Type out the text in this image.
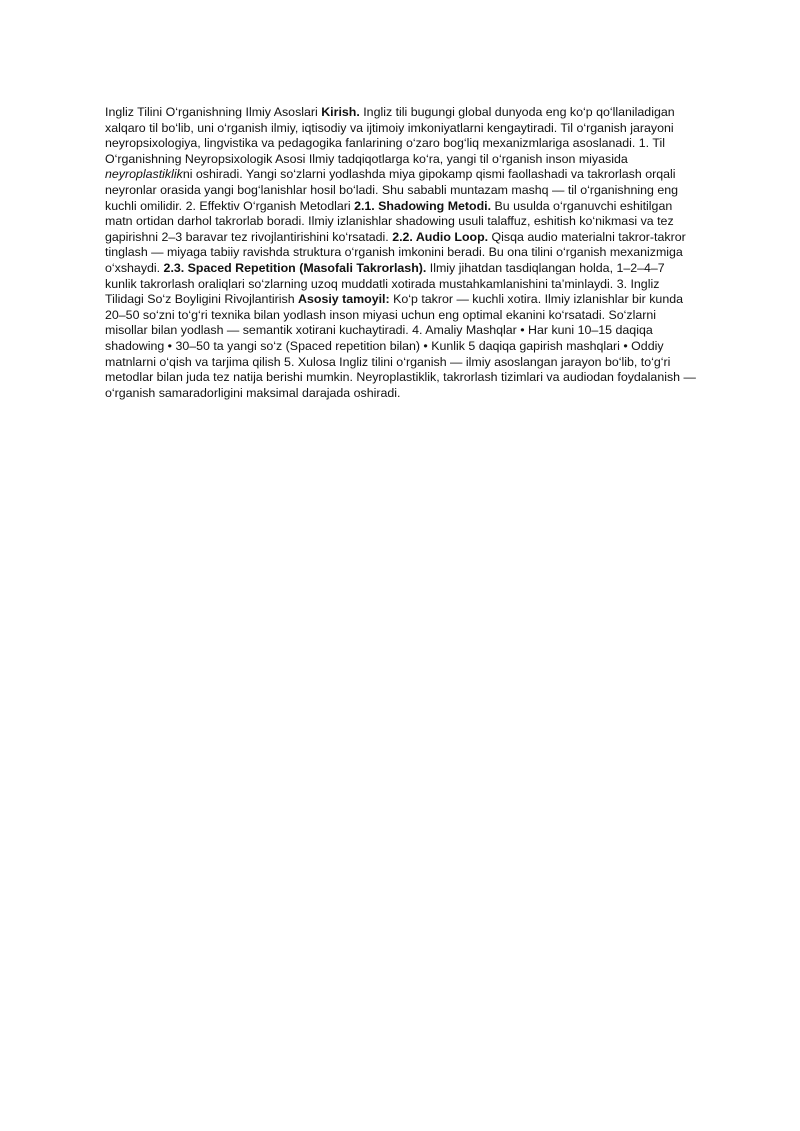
Ingliz Tilini O‘rganishning Ilmiy Asoslari Kirish. Ingliz tili bugungi global dunyoda eng ko‘p qo‘llaniladigan xalqaro til bo‘lib, uni o‘rganish ilmiy, iqtisodiy va ijtimoiy imkoniyatlarni kengaytiradi. Til o‘rganish jarayoni neyropsixologiya, lingvistika va pedagogika fanlarining o‘zaro bog‘liq mexanizmlariga asoslanadi. 1. Til O‘rganishning Neyropsixologik Asosi Ilmiy tadqiqotlarga ko‘ra, yangi til o‘rganish inson miyasida neyroplastiklikni oshiradi. Yangi so‘zlarni yodlashda miya gipokamp qismi faollashadi va takrorlash orqali neyronlar orasida yangi bog‘lanishlar hosil bo‘ladi. Shu sababli muntazam mashq — til o‘rganishning eng kuchli omilidir. 2. Effektiv O‘rganish Metodlari 2.1. Shadowing Metodi. Bu usulda o‘rganuvchi eshitilgan matn ortidan darhol takrorlab boradi. Ilmiy izlanishlar shadowing usuli talaffuz, eshitish ko‘nikmasi va tez gapirishni 2–3 baravar tez rivojlantirishini ko‘rsatadi. 2.2. Audio Loop. Qisqa audio materialni takror-takror tinglash — miyaga tabiiy ravishda struktura o‘rganish imkonini beradi. Bu ona tilini o‘rganish mexanizmiga o‘xshaydi. 2.3. Spaced Repetition (Masofali Takrorlash). Ilmiy jihatdan tasdiqlangan holda, 1–2–4–7 kunlik takrorlash oraliqlari so‘zlarning uzoq muddatli xotirada mustahkamlanishini ta’minlaydi. 3. Ingliz Tilidagi So‘z Boyligini Rivojlantirish Asosiy tamoyil: Ko‘p takror — kuchli xotira. Ilmiy izlanishlar bir kunda 20–50 so‘zni to‘g‘ri texnika bilan yodlash inson miyasi uchun eng optimal ekanini ko‘rsatadi. So‘zlarni misollar bilan yodlash — semantik xotirani kuchaytiradi. 4. Amaliy Mashqlar • Har kuni 10–15 daqiqa shadowing • 30–50 ta yangi so‘z (Spaced repetition bilan) • Kunlik 5 daqiqa gapirish mashqlari • Oddiy matnlarni o‘qish va tarjima qilish 5. Xulosa Ingliz tilini o‘rganish — ilmiy asoslangan jarayon bo‘lib, to‘g‘ri metodlar bilan juda tez natija berishi mumkin. Neyroplastiklik, takrorlash tizimlari va audiodan foydalanish — o‘rganish samaradorligini maksimal darajada oshiradi.
